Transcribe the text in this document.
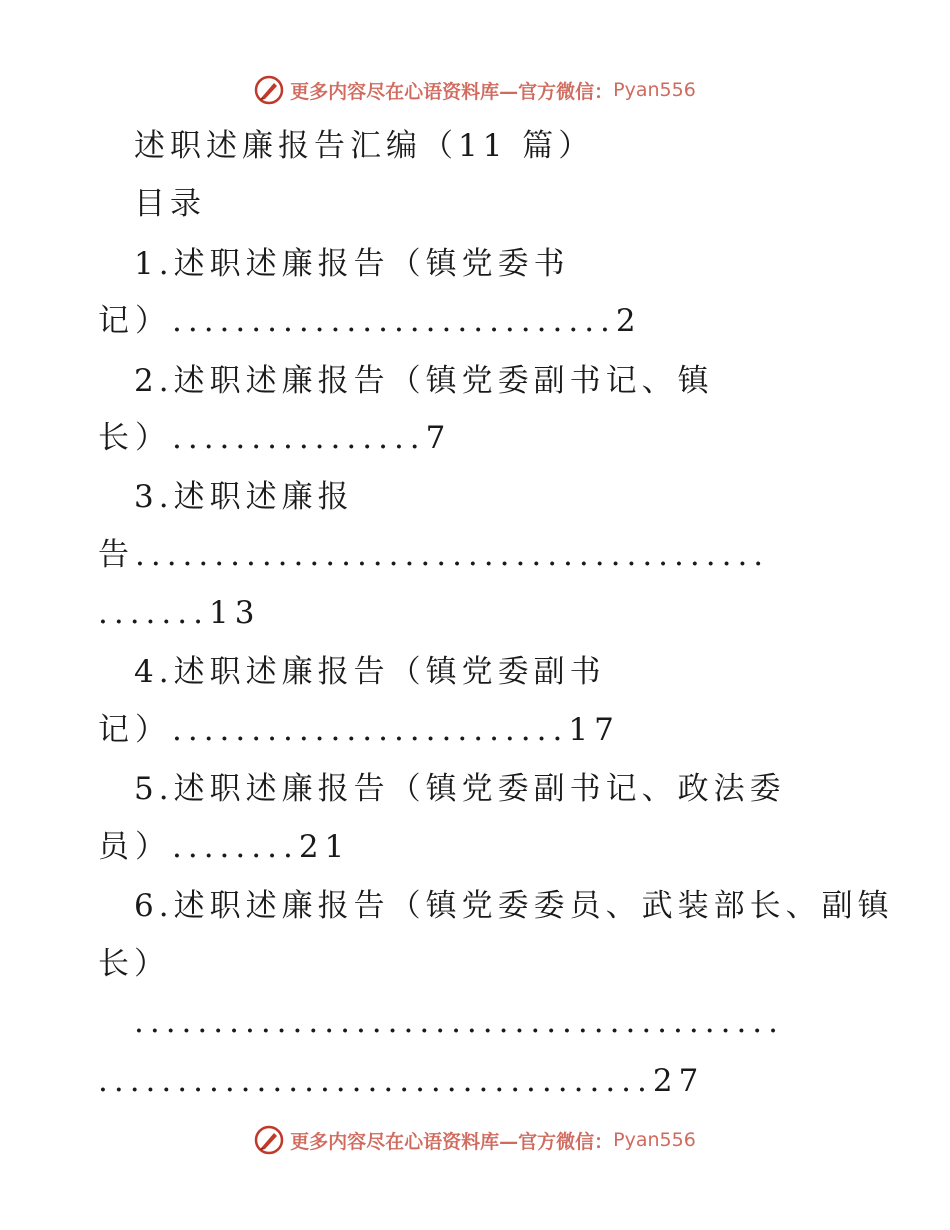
更多内容尽在心语资料库—官方微信： Pyan556
述职述廉报告汇编（11 篇）
目录
1.述职述廉报告（镇党委书
记）............................2
2.述职述廉报告（镇党委副书记、镇
长）................7
3.述职述廉报
告........................................
.......13
4.述职述廉报告（镇党委副书
记）.........................17
5.述职述廉报告（镇党委副书记、政法委
员）........21
6.述职述廉报告（镇党委委员、武装部长、副镇
长）
.........................................
...................................27
更多内容尽在心语资料库—官方微信： Pyan556
